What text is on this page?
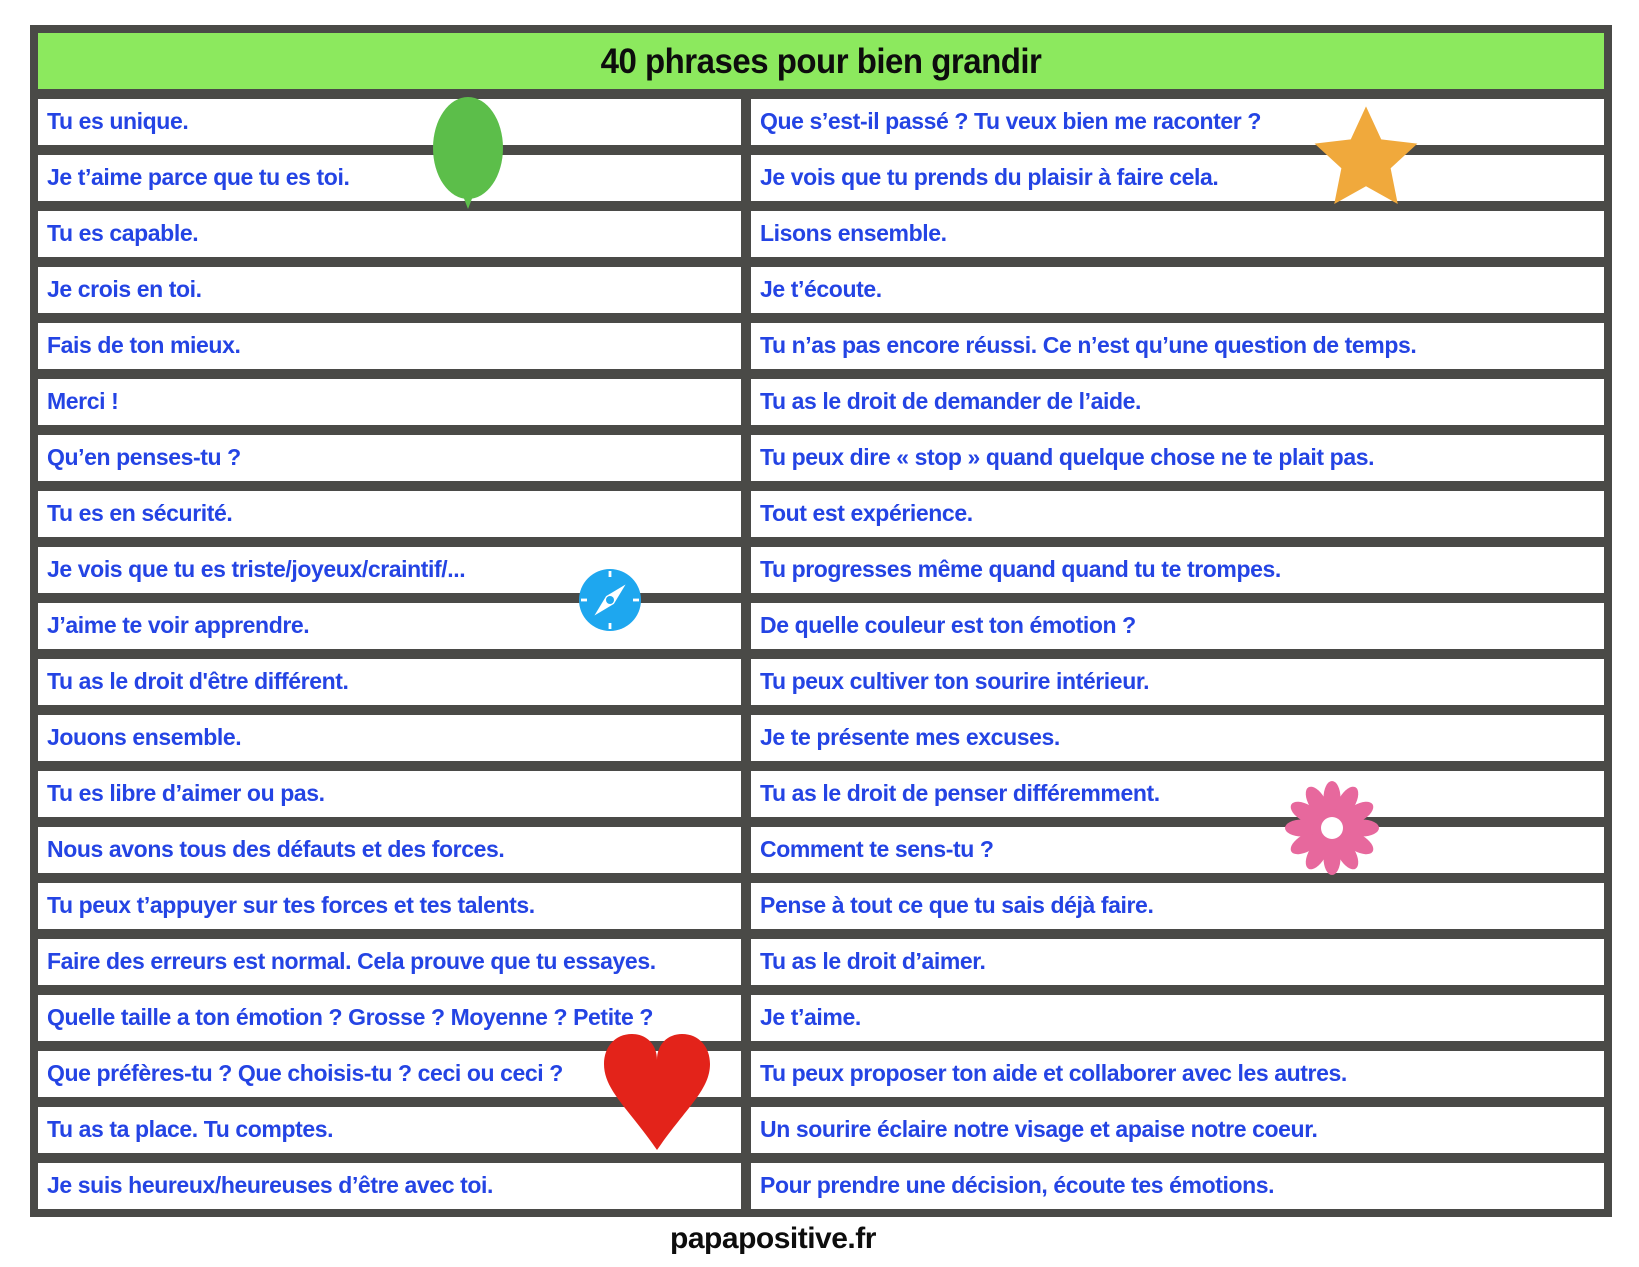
40 phrases pour bien grandir
Tu es unique.	Que s’est-il passé ? Tu veux bien me raconter ?
Je t’aime parce que tu es toi.	Je vois que tu prends du plaisir à faire cela.
Tu es capable.	Lisons ensemble.
Je crois en toi.	Je t’écoute.
Fais de ton mieux.	Tu n’as pas encore réussi. Ce n’est qu’une question de temps.
Merci !	Tu as le droit de demander de l’aide.
Qu’en penses-tu ?	Tu peux dire « stop » quand quelque chose ne te plait pas.
Tu es en sécurité.	Tout est expérience.
Je vois que tu es triste/joyeux/craintif/...	Tu progresses même quand quand tu te trompes.
J’aime te voir apprendre.	De quelle couleur est ton émotion ?
Tu as le droit d'être différent.	Tu peux cultiver ton sourire intérieur.
Jouons ensemble.	Je te présente mes excuses.
Tu es libre d’aimer ou pas.	Tu as le droit de penser différemment.
Nous avons tous des défauts et des forces.	Comment te sens-tu ?
Tu peux t’appuyer sur tes forces et tes talents.	Pense à tout ce que tu sais déjà faire.
Faire des erreurs est normal. Cela prouve que tu essayes.	Tu as le droit d’aimer.
Quelle taille a ton émotion ? Grosse ? Moyenne ? Petite ?	Je t’aime.
Que préfères-tu ? Que choisis-tu ? ceci ou ceci ?	Tu peux proposer ton aide et collaborer avec les autres.
Tu as ta place. Tu comptes.	Un sourire éclaire notre visage et apaise notre coeur.
Je suis heureux/heureuses d’être avec toi.	Pour prendre une décision, écoute tes émotions.
papapositive.fr
